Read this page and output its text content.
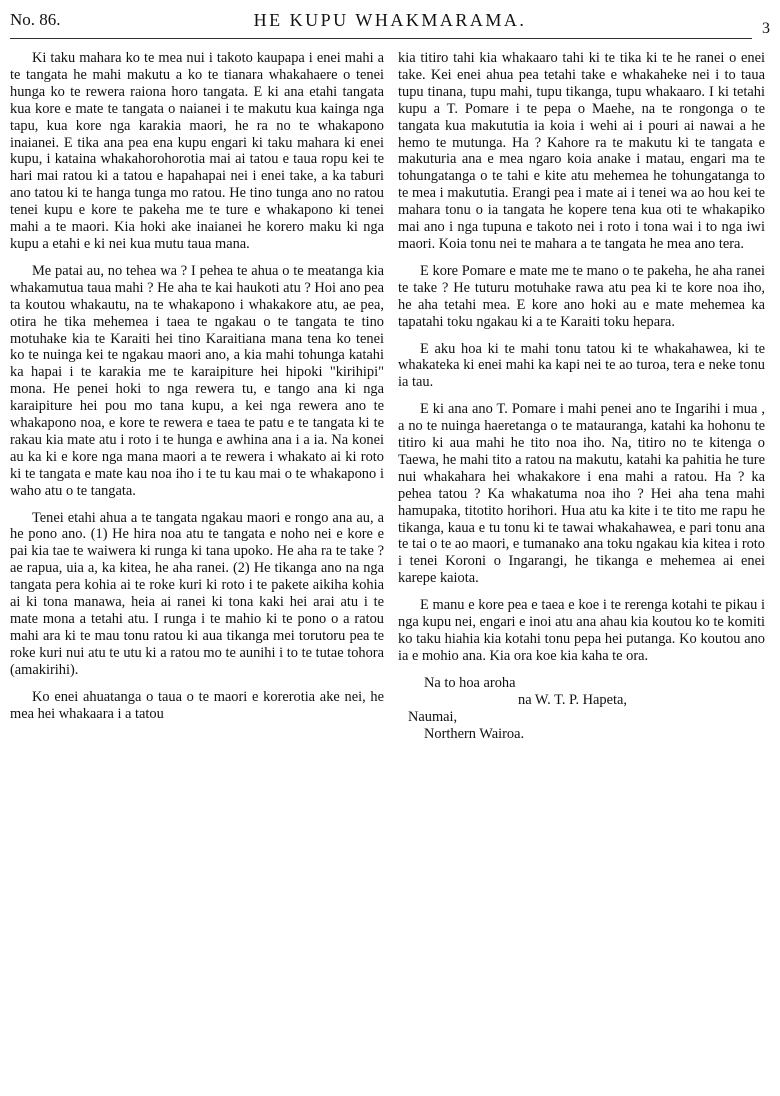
No. 86.	HE KUPU WHAKMARAMA.	3

Ki taku mahara ko te mea nui i takoto kaupapa i enei mahi a te tangata he mahi makutu a ko te tianara whakahaere o tenei hunga ko te rewera raiona horo tangata. E ki ana etahi tangata kua kore e mate te tangata o naianei i te makutu kua kainga nga tapu, kua kore nga karakia maori, he ra no te whakapono inaianei. E tika ana pea ena kupu engari ki taku mahara ki enei kupu, i kataina whakahorohorotia mai ai tatou e taua ropu kei te hari mai ratou ki a tatou e hapahapai nei i enei take, a ka taburi ano tatou ki te hanga tunga mo ratou. He tino tunga ano no ratou tenei kupu e kore te pakeha me te ture e whakapono ki tenei mahi a te maori. Kia hoki ake inaianei he korero maku ki nga kupu a etahi e ki nei kua mutu taua mana.

Me patai au, no tehea wa ? I pehea te ahua o te meatanga kia whakamutua taua mahi ? He aha te kai haukoti atu ? Hoi ano pea ta koutou whakautu, na te whakapono i whakakore atu, ae pea, otira he tika mehemea i taea te ngakau o te tangata te tino motuhake kia te Karaiti hei tino Karaitiana mana tena ko tenei ko te nuinga kei te ngakau maori ano, a kia mahi tohunga katahi ka hapai i te karakia me te karaipiture hei hipoki "kirihipi" mona. He penei hoki to nga rewera tu, e tango ana ki nga karaipiture hei pou mo tana kupu, a kei nga rewera ano te whakapono noa, e kore te rewera e taea te patu e te tangata ki te rakau kia mate atu i roto i te hunga e awhina ana i a ia. Na konei au ka ki e kore nga mana maori a te rewera i whakato ai ki roto ki te tangata e mate kau noa iho i te tu kau mai o te whakapono i waho atu o te tangata.

Tenei etahi ahua a te tangata ngakau maori e rongo ana au, a he pono ano. (1) He hira noa atu te tangata e noho nei e kore e pai kia tae te waiwera ki runga ki tana upoko. He aha ra te take ? ae rapua, uia a, ka kitea, he aha ranei. (2) He tikanga ano na nga tangata pera kohia ai te roke kuri ki roto i te pakete aikiha kohia ai ki tona manawa, heia ai ranei ki tona kaki hei arai atu i te mate mona a tetahi atu. I runga i te mahio ki te pono o a ratou mahi ara ki te mau tonu ratou ki aua tikanga mei torutoru pea te roke kuri nui atu te utu ki a ratou mo te aunihi i to te tutae tohora (amakirihi).

Ko enei ahuatanga o taua o te maori e korerotia ake nei, he mea hei whakaara i a tatou

kia titiro tahi kia whakaaro tahi ki te tika ki te he ranei o enei take. Kei enei ahua pea tetahi take e whakaheke nei i to taua tupu tinana, tupu mahi, tupu tikanga, tupu whakaaro. I ki tetahi kupu a T. Pomare i te pepa o Maehe, na te rongonga o te tangata kua makututia ia koia i wehi ai i pouri ai nawai a he hemo te mutunga. Ha ? Kahore ra te makutu ki te tangata e makuturia ana e mea ngaro koia anake i matau, engari ma te tohungatanga o te tahi e kite atu mehemea he tohungatanga to te mea i makututia. Erangi pea i mate ai i tenei wa ao hou kei te mahara tonu o ia tangata he kopere tena kua oti te whakapiko mai ano i nga tupuna e takoto nei i roto i tona wai i to nga iwi maori. Koia tonu nei te mahara a te tangata he mea ano tera.

E kore Pomare e mate me te mano o te pakeha, he aha ranei te take ? He tuturu motuhake rawa atu pea ki te kore noa iho, he aha tetahi mea. E kore ano hoki au e mate mehemea ka tapatahi toku ngakau ki a te Karaiti toku hepara.

E aku hoa ki te mahi tonu tatou ki te whakahawea, ki te whakateka ki enei mahi ka kapi nei te ao turoa, tera e neke tonu ia tau.

E ki ana ano T. Pomare i mahi penei ano te Ingarihi i mua , a no te nuinga haeretanga o te matauranga, katahi ka hohonu te titiro ki aua mahi he tito noa iho. Na, titiro no te kitenga o Taewa, he mahi tito a ratou na makutu, katahi ka pahitia he ture nui whakahara hei whakakore i ena mahi a ratou. Ha ? ka pehea tatou ? Ka whakatuma noa iho ? Hei aha tena mahi hamupaka, titotito horihori. Hua atu ka kite i te tito me rapu he tikanga, kaua e tu tonu ki te tawai whakahawea, e pari tonu ana te tai o te ao maori, e tumanako ana toku ngakau kia kitea i roto i tenei Koroni o Ingarangi, he tikanga e mehemea ai enei karepe kaiota.

E manu e kore pea e taea e koe i te rerenga kotahi te pikau i nga kupu nei, engari e inoi atu ana ahau kia koutou ko te komiti ko taku hiahia kia kotahi tonu pepa hei putanga. Ko koutou ano ia e mohio ana. Kia ora koe kia kaha te ora.

Na to hoa aroha
na W. T. P. Hapeta,
Naumai,
Northern Wairoa.
